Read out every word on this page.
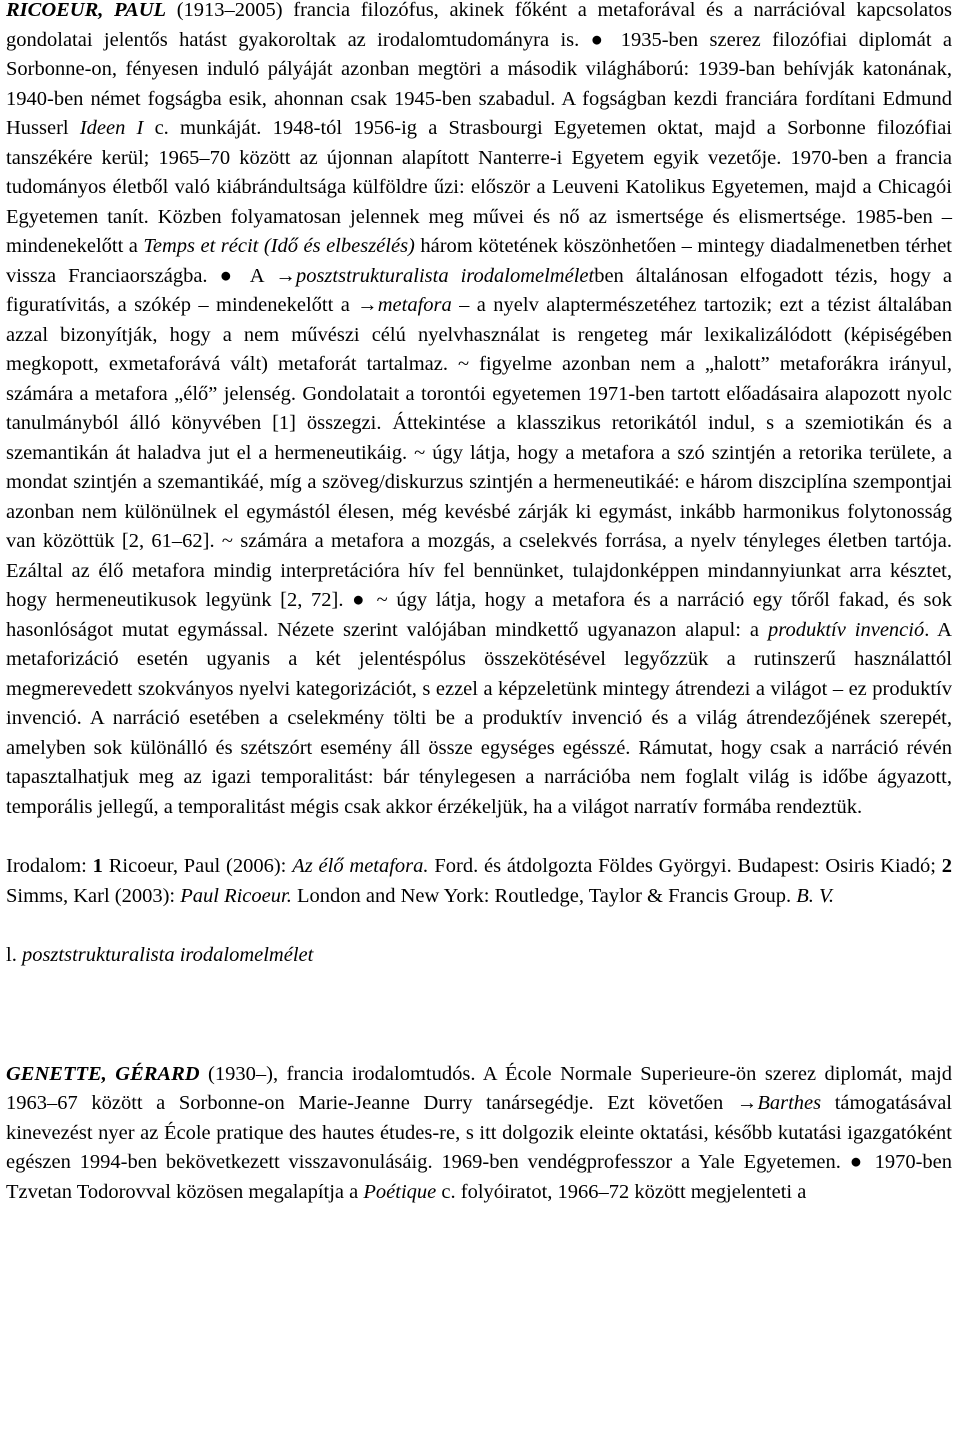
RICOEUR, PAUL (1913–2005) francia filozófus, akinek főként a metaforával és a narrációval kapcsolatos gondolatai jelentős hatást gyakoroltak az irodalomtudományra is. ● 1935-ben szerez filozófiai diplomát a Sorbonne-on, fényesen induló pályáját azonban megtöri a második világháború: 1939-ban behívják katonának, 1940-ben német fogságba esik, ahonnan csak 1945-ben szabadul. A fogságban kezdi franciára fordítani Edmund Husserl Ideen I c. munkáját. 1948-tól 1956-ig a Strasbourgi Egyetemen oktat, majd a Sorbonne filozófiai tanszékére kerül; 1965–70 között az újonnan alapított Nanterre-i Egyetem egyik vezetője. 1970-ben a francia tudományos életből való kiábrándultsága külföldre űzi: először a Leuveni Katolikus Egyetemen, majd a Chicagói Egyetemen tanít. Közben folyamatosan jelennek meg művei és nő az ismertsége és elismertsége. 1985-ben – mindenekelőtt a Temps et récit (Idő és elbeszélés) három kötetének köszönhetően – mintegy diadalmenetben térhet vissza Franciaországba. ● A →posztstrukturalista irodalomelméletben általánosan elfogadott tézis, hogy a figuratívitás, a szókép – mindenekelőtt a →metafora – a nyelv alaptermészetéhez tartozik; ezt a tézist általában azzal bizonyítják, hogy a nem művészi célú nyelvhasználat is rengeteg már lexikalizálódott (képiségében megkopott, exmetaforává vált) metaforát tartalmaz. ~ figyelme azonban nem a „halott” metaforákra irányul, számára a metafora „élő” jelenség. Gondolatait a torontói egyetemen 1971-ben tartott előadásaira alapozott nyolc tanulmányból álló könyvében [1] összegzi. Áttekintése a klasszikus retorikától indul, s a szemiotikán és a szemantikán át haladva jut el a hermeneutikáig. ~ úgy látja, hogy a metafora a szó szintjén a retorika területe, a mondat szintjén a szemantikáé, míg a szöveg/diskurzus szintjén a hermeneutikáé: e három diszciplína szempontjai azonban nem különülnek el egymástól élesen, még kevésbé zárják ki egymást, inkább harmonikus folytonosság van közöttük [2, 61–62]. ~ számára a metafora a mozgás, a cselekvés forrása, a nyelv tényleges életben tartója. Ezáltal az élő metafora mindig interpretációra hív fel bennünket, tulajdonképpen mindannyiunkat arra késztet, hogy hermeneutikusok legyünk [2, 72]. ● ~ úgy látja, hogy a metafora és a narráció egy tőről fakad, és sok hasonlóságot mutat egymással. Nézete szerint valójában mindkettő ugyanazon alapul: a produktív invenció. A metaforizáció esetén ugyanis a két jelentéspólus összekötésével legyőzzük a rutinszerű használattól megmerevedett szokványos nyelvi kategorizációt, s ezzel a képzeletünk mintegy átrendezi a világot – ez produktív invenció. A narráció esetében a cselekmény tölti be a produktív invenció és a világ átrendezőjének szerepét, amelyben sok különálló és szétszórt esemény áll össze egységes egésszé. Rámutat, hogy csak a narráció révén tapasztalhatjuk meg az igazi temporalitást: bár ténylegesen a narrációba nem foglalt világ is időbe ágyazott, temporális jellegű, a temporalitást mégis csak akkor érzékeljük, ha a világot narratív formába rendeztük.

Irodalom: 1 Ricoeur, Paul (2006): Az élő metafora. Ford. és átdolgozta Földes Györgyi. Budapest: Osiris Kiadó; 2 Simms, Karl (2003): Paul Ricoeur. London and New York: Routledge, Taylor & Francis Group. B. V.

l. posztstrukturalista irodalomelmélet

GENETTE, GÉRARD (1930–), francia irodalomtudós. A École Normale Superieure-ön szerez diplomát, majd 1963–67 között a Sorbonne-on Marie-Jeanne Durry tanársegédje. Ezt követően →Barthes támogatásával kinevezést nyer az École pratique des hautes études-re, s itt dolgozik eleinte oktatási, később kutatási igazgatóként egészen 1994-ben bekövetkezett visszavonulásáig. 1969-ben vendégprofesszor a Yale Egyetemen. ● 1970-ben Tzvetan Todorovval közösen megalapítja a Poétique c. folyóiratot, 1966–72 között megjelenteti a
